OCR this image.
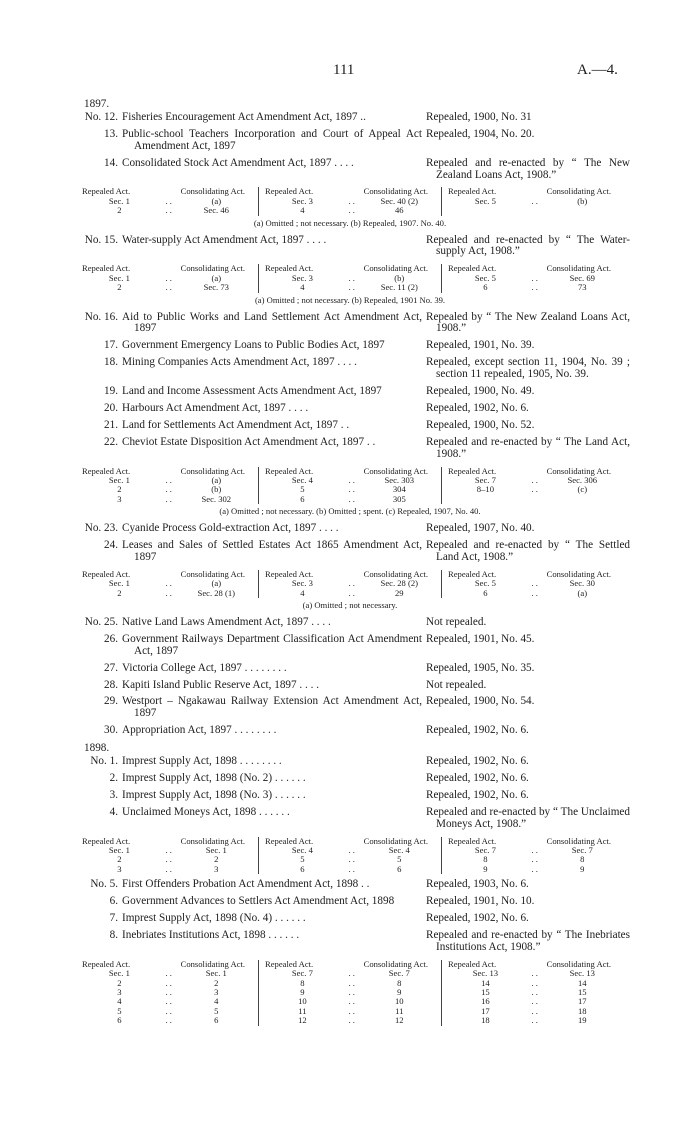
111	A.—4.
1897.
No. 12. Fisheries Encouragement Act Amendment Act, 1897 ..	Repealed, 1900, No. 31
13. Public-school Teachers Incorporation and Court of Appeal Act Amendment Act, 1897
Repealed, 1904, No. 20.
14. Consolidated Stock Act Amendment Act, 1897 . . . .	Repealed and re-enacted by “ The New Zealand Loans Act, 1908.”
Repealed Act.	Consolidating Act.
Sec. 1	. .	(a)
2	. .	Sec. 46
Repealed Act.	Consolidating Act.
Sec. 3	. .	Sec. 40 (2)
4	. .	46
Repealed Act.	Consolidating Act.
Sec. 5	. .	(b)
(a) Omitted ; not necessary. (b) Repealed, 1907. No. 40.
No. 15. Water-supply Act Amendment Act, 1897 . . . .	Repealed and re-enacted by “ The Water-supply Act, 1908.”
Repealed Act.	Consolidating Act.
Sec. 1	. .	(a)
2	. .	Sec. 73
Repealed Act.	Consolidating Act.
Sec. 3	. .	(b)
4	. .	Sec. 11 (2)
Repealed Act.	Consolidating Act.
Sec. 5	. .	Sec. 69
6	. .	73
(a) Omitted ; not necessary. (b) Repealed, 1901 No. 39.
No. 16. Aid to Public Works and Land Settlement Act Amendment Act, 1897
Repealed by “ The New Zealand Loans Act, 1908.”
17. Government Emergency Loans to Public Bodies Act, 1897	Repealed, 1901, No. 39.
18. Mining Companies Acts Amendment Act, 1897 . . . .	Repealed, except section 11, 1904, No. 39 ; section 11 repealed, 1905, No. 39.
19. Land and Income Assessment Acts Amendment Act, 1897	Repealed, 1900, No. 49.
20. Harbours Act Amendment Act, 1897 . . . .	Repealed, 1902, No. 6.
21. Land for Settlements Act Amendment Act, 1897 . .	Repealed, 1900, No. 52.
22. Cheviot Estate Disposition Act Amendment Act, 1897 . .	Repealed and re-enacted by “ The Land Act, 1908.”
Repealed Act.	Consolidating Act.
Sec. 1	. .	(a)
2	. .	(b)
3	. .	Sec. 302
Repealed Act.	Consolidating Act.
Sec. 4	. .	Sec. 303
5	. .	304
6	. .	305
Repealed Act.	Consolidating Act.
Sec. 7	. .	Sec. 306
8–10	. .	(c)
(a) Omitted ; not necessary. (b) Omitted ; spent. (c) Repealed, 1907, No. 40.
No. 23. Cyanide Process Gold-extraction Act, 1897 . . . .	Repealed, 1907, No. 40.
24. Leases and Sales of Settled Estates Act 1865 Amendment Act, 1897
Repealed and re-enacted by “ The Settled Land Act, 1908.”
Repealed Act.	Consolidating Act.
Sec. 1	. .	(a)
2	. .	Sec. 28 (1)
Repealed Act.	Consolidating Act.
Sec. 3	. .	Sec. 28 (2)
4	. .	29
Repealed Act.	Consolidating Act.
Sec. 5	. .	Sec. 30
6	. .	(a)
(a) Omitted ; not necessary.
No. 25. Native Land Laws Amendment Act, 1897 . . . .	Not repealed.
26. Government Railways Department Classification Act Amendment Act, 1897
Repealed, 1901, No. 45.
27. Victoria College Act, 1897 . . . . . . . .	Repealed, 1905, No. 35.
28. Kapiti Island Public Reserve Act, 1897 . . . .	Not repealed.
29. Westport – Ngakawau Railway Extension Act Amendment Act, 1897
Repealed, 1900, No. 54.
30. Appropriation Act, 1897 . . . . . . . .	Repealed, 1902, No. 6.
1898.
No. 1. Imprest Supply Act, 1898 . . . . . . . .	Repealed, 1902, No. 6.
2. Imprest Supply Act, 1898 (No. 2) . . . . . .	Repealed, 1902, No. 6.
3. Imprest Supply Act, 1898 (No. 3) . . . . . .	Repealed, 1902, No. 6.
4. Unclaimed Moneys Act, 1898 . . . . . .	Repealed and re-enacted by “ The Unclaimed Moneys Act, 1908.”
Repealed Act.	Consolidating Act.
Sec. 1	. .	Sec. 1
2	. .	2
3	. .	3
Repealed Act.	Consolidating Act.
Sec. 4	. .	Sec. 4
5	. .	5
6	. .	6
Repealed Act.	Consolidating Act.
Sec. 7	. .	Sec. 7
8	. .	8
9	. .	9
No. 5. First Offenders Probation Act Amendment Act, 1898 . .	Repealed, 1903, No. 6.
6. Government Advances to Settlers Act Amendment Act, 1898	Repealed, 1901, No. 10.
7. Imprest Supply Act, 1898 (No. 4) . . . . . .	Repealed, 1902, No. 6.
8. Inebriates Institutions Act, 1898 . . . . . .	Repealed and re-enacted by “ The Inebriates Institutions Act, 1908.”
Repealed Act.	Consolidating Act.
Sec. 1	. .	Sec. 1
2	. .	2
3	. .	3
4	. .	4
5	. .	5
6	. .	6
Repealed Act.	Consolidating Act.
Sec. 7	. .	Sec. 7
8	. .	8
9	. .	9
10	. .	10
11	. .	11
12	. .	12
Repealed Act.	Consolidating Act.
Sec. 13	. .	Sec. 13
14	. .	14
15	. .	15
16	. .	17
17	. .	18
18	. .	19
